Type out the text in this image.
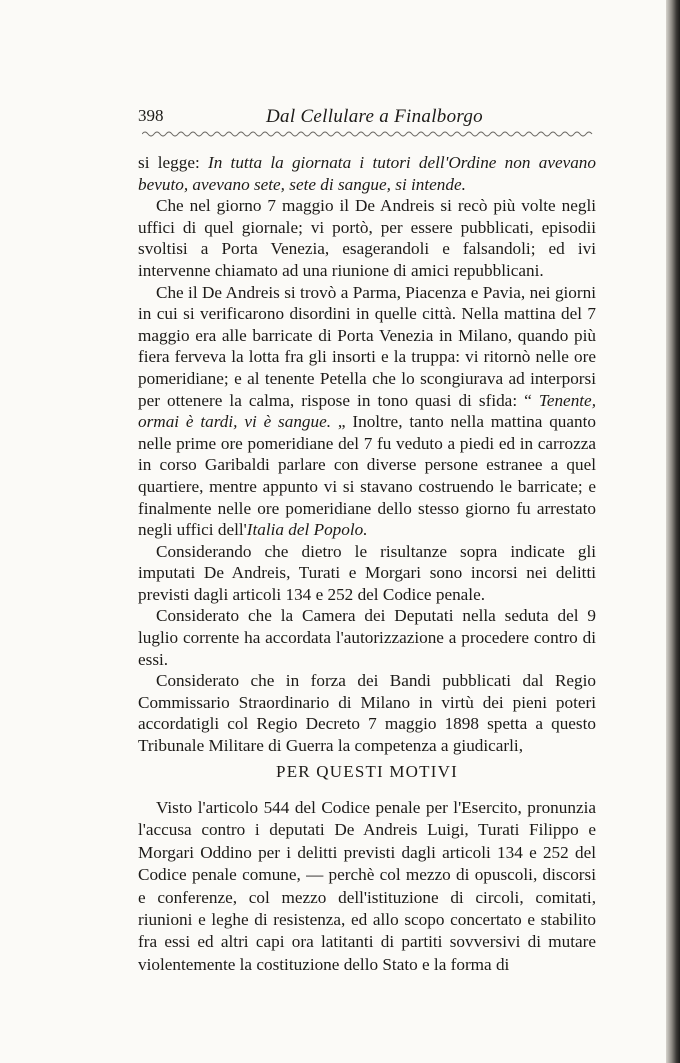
398	Dal Cellulare a Finalborgo

si legge: In tutta la giornata i tutori dell'Ordine non avevano bevuto, avevano sete, sete di sangue, si intende.

Che nel giorno 7 maggio il De Andreis si recò più volte negli uffici di quel giornale; vi portò, per essere pubblicati, episodii svoltisi a Porta Venezia, esagerandoli e falsandoli; ed ivi intervenne chiamato ad una riunione di amici repubblicani.

Che il De Andreis si trovò a Parma, Piacenza e Pavia, nei giorni in cui si verificarono disordini in quelle città. Nella mattina del 7 maggio era alle barricate di Porta Venezia in Milano, quando più fiera ferveva la lotta fra gli insorti e la truppa: vi ritornò nelle ore pomeridiane; e al tenente Petella che lo scongiurava ad interporsi per ottenere la calma, rispose in tono quasi di sfida: “ Tenente, ormai è tardi, vi è sangue. „ Inoltre, tanto nella mattina quanto nelle prime ore pomeridiane del 7 fu veduto a piedi ed in carrozza in corso Garibaldi parlare con diverse persone estranee a quel quartiere, mentre appunto vi si stavano costruendo le barricate; e finalmente nelle ore pomeridiane dello stesso giorno fu arrestato negli uffici dell'Italia del Popolo.

Considerando che dietro le risultanze sopra indicate gli imputati De Andreis, Turati e Morgari sono incorsi nei delitti previsti dagli articoli 134 e 252 del Codice penale.

Considerato che la Camera dei Deputati nella seduta del 9 luglio corrente ha accordata l'autorizzazione a procedere contro di essi.

Considerato che in forza dei Bandi pubblicati dal Regio Commissario Straordinario di Milano in virtù dei pieni poteri accordatigli col Regio Decreto 7 maggio 1898 spetta a questo Tribunale Militare di Guerra la competenza a giudicarli,

PER QUESTI MOTIVI

Visto l'articolo 544 del Codice penale per l'Esercito, pronunzia l'accusa contro i deputati De Andreis Luigi, Turati Filippo e Morgari Oddino per i delitti previsti dagli articoli 134 e 252 del Codice penale comune, — perchè col mezzo di opuscoli, discorsi e conferenze, col mezzo dell'istituzione di circoli, comitati, riunioni e leghe di resistenza, ed allo scopo concertato e stabilito fra essi ed altri capi ora latitanti di partiti sovversivi di mutare violentemente la costituzione dello Stato e la forma di
